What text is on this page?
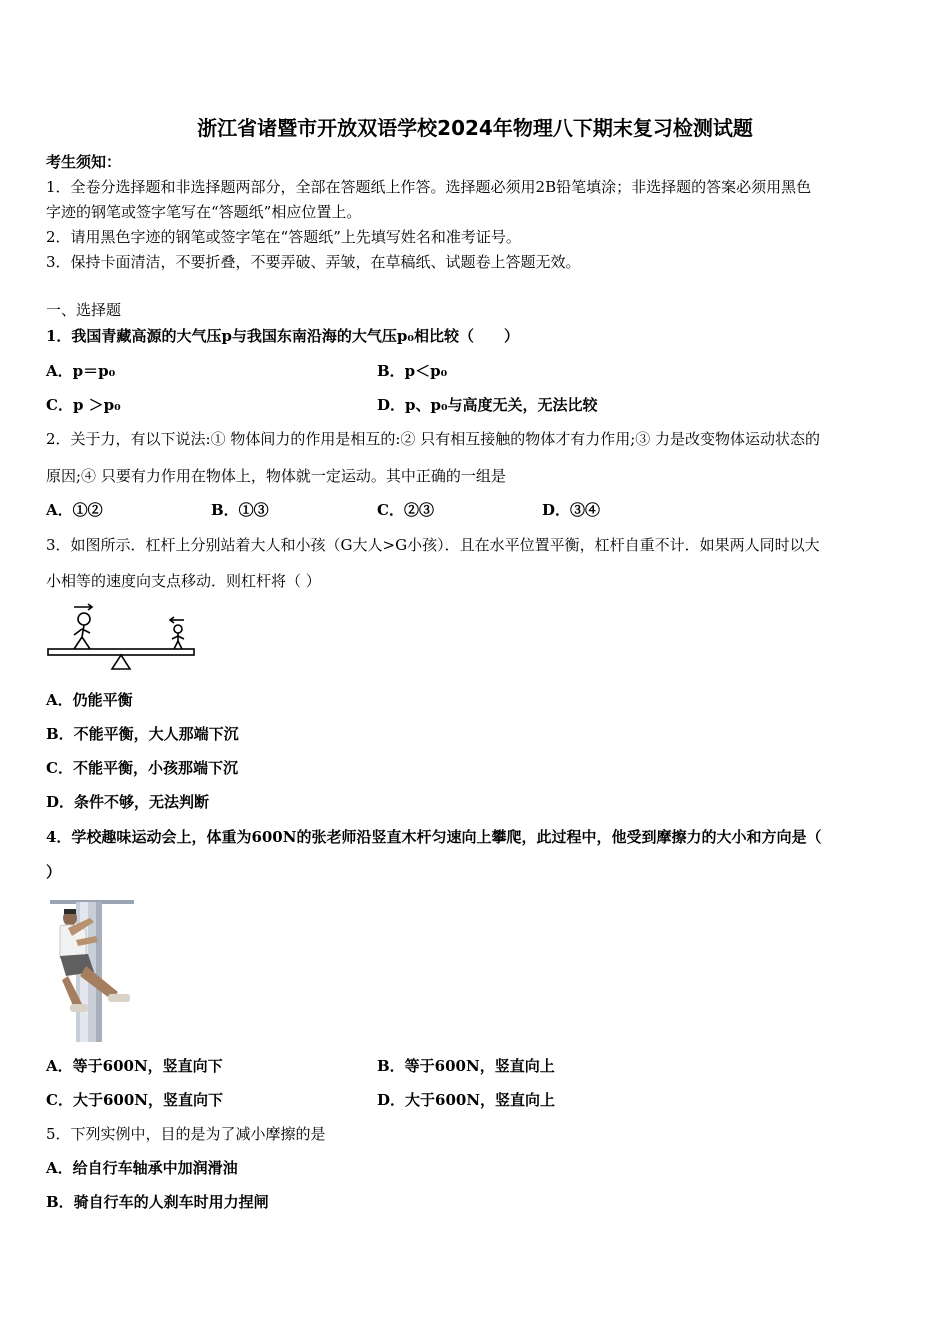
浙江省诸暨市开放双语学校2024年物理八下期末复习检测试题
考生须知：
1．全卷分选择题和非选择题两部分，全部在答题纸上作答。选择题必须用2B铅笔填涂；非选择题的答案必须用黑色
字迹的钢笔或签字笔写在“答题纸”相应位置上。
2．请用黑色字迹的钢笔或签字笔在“答题纸”上先填写姓名和准考证号。
3．保持卡面清洁，不要折叠，不要弄破、弄皱，在草稿纸、试题卷上答题无效。
一、选择题
1．我国青藏高源的大气压p与我国东南沿海的大气压p₀相比较（　　）
A．p＝p₀	B．p＜p₀
C．p ＞p₀	D．p、p₀与高度无关，无法比较
2．关于力，有以下说法:① 物体间力的作用是相互的:② 只有相互接触的物体才有力作用;③ 力是改变物体运动状态的
原因;④ 只要有力作用在物体上，物体就一定运动。其中正确的一组是
A．①②	B．①③	C．②③	D．③④
3．如图所示．杠杆上分别站着大人和小孩（G大人>G小孩）．且在水平位置平衡，杠杆自重不计．如果两人同时以大
小相等的速度向支点移动．则杠杆将（ ）
A．仍能平衡
B．不能平衡，大人那端下沉
C．不能平衡，小孩那端下沉
D．条件不够，无法判断
4．学校趣味运动会上，体重为600N的张老师沿竖直木杆匀速向上攀爬，此过程中，他受到摩擦力的大小和方向是（
）
A．等于600N，竖直向下	B．等于600N，竖直向上
C．大于600N，竖直向下	D．大于600N，竖直向上
5．下列实例中，目的是为了减小摩擦的是
A．给自行车轴承中加润滑油
B．骑自行车的人刹车时用力捏闸
